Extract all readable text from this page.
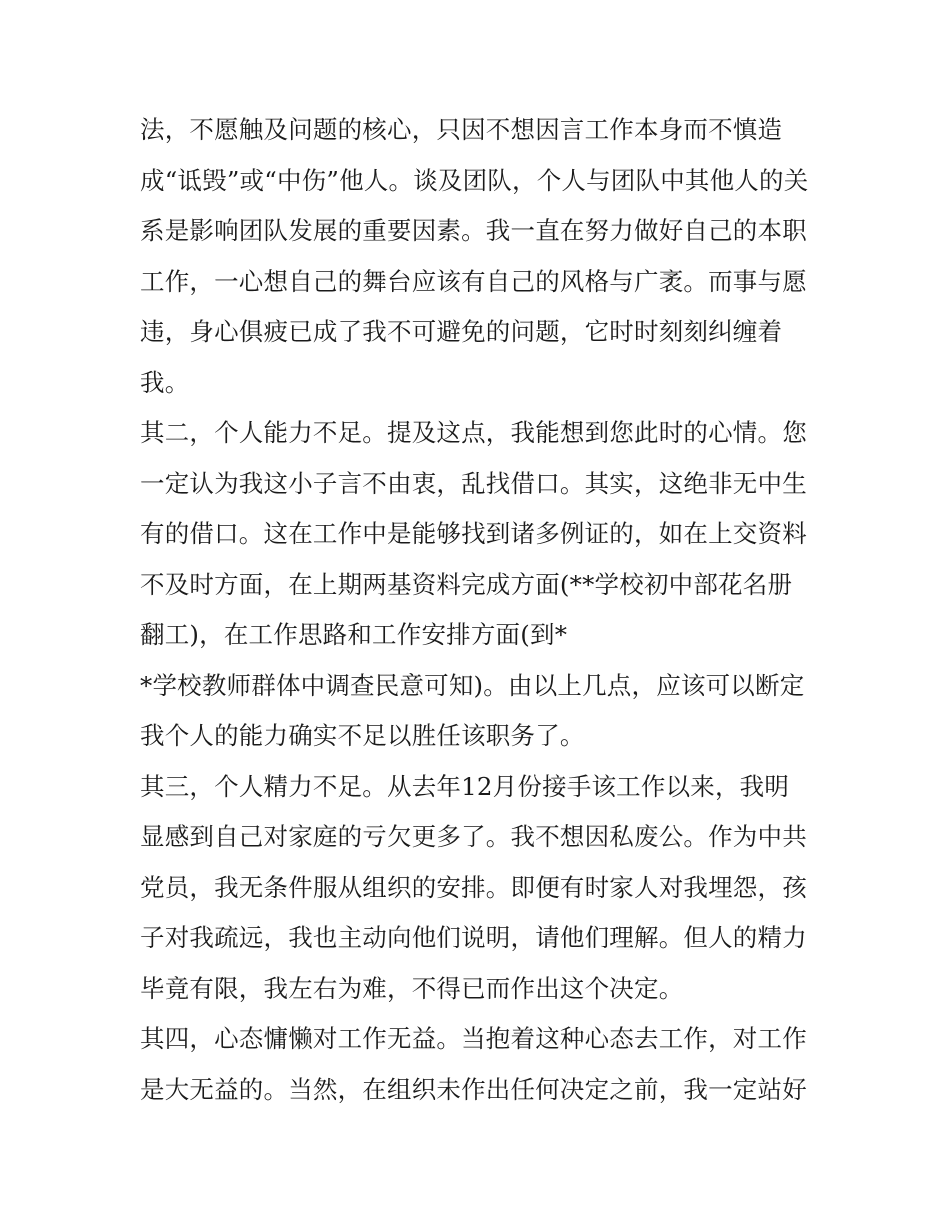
法，不愿触及问题的核心，只因不想因言工作本身而不慎造
成“诋毁”或“中伤”他人。谈及团队，个人与团队中其他人的关
系是影响团队发展的重要因素。我一直在努力做好自己的本职
工作，一心想自己的舞台应该有自己的风格与广袤。而事与愿
违，身心俱疲已成了我不可避免的问题，它时时刻刻纠缠着
我。
其二，个人能力不足。提及这点，我能想到您此时的心情。您
一定认为我这小子言不由衷，乱找借口。其实，这绝非无中生
有的借口。这在工作中是能够找到诸多例证的，如在上交资料
不及时方面，在上期两基资料完成方面(**学校初中部花名册
翻工)，在工作思路和工作安排方面(到*
*学校教师群体中调查民意可知)。由以上几点，应该可以断定
我个人的能力确实不足以胜任该职务了。
其三，个人精力不足。从去年12月份接手该工作以来，我明
显感到自己对家庭的亏欠更多了。我不想因私废公。作为中共
党员，我无条件服从组织的安排。即便有时家人对我埋怨，孩
子对我疏远，我也主动向他们说明，请他们理解。但人的精力
毕竟有限，我左右为难，不得已而作出这个决定。
其四，心态慵懒对工作无益。当抱着这种心态去工作，对工作
是大无益的。当然，在组织未作出任何决定之前，我一定站好
